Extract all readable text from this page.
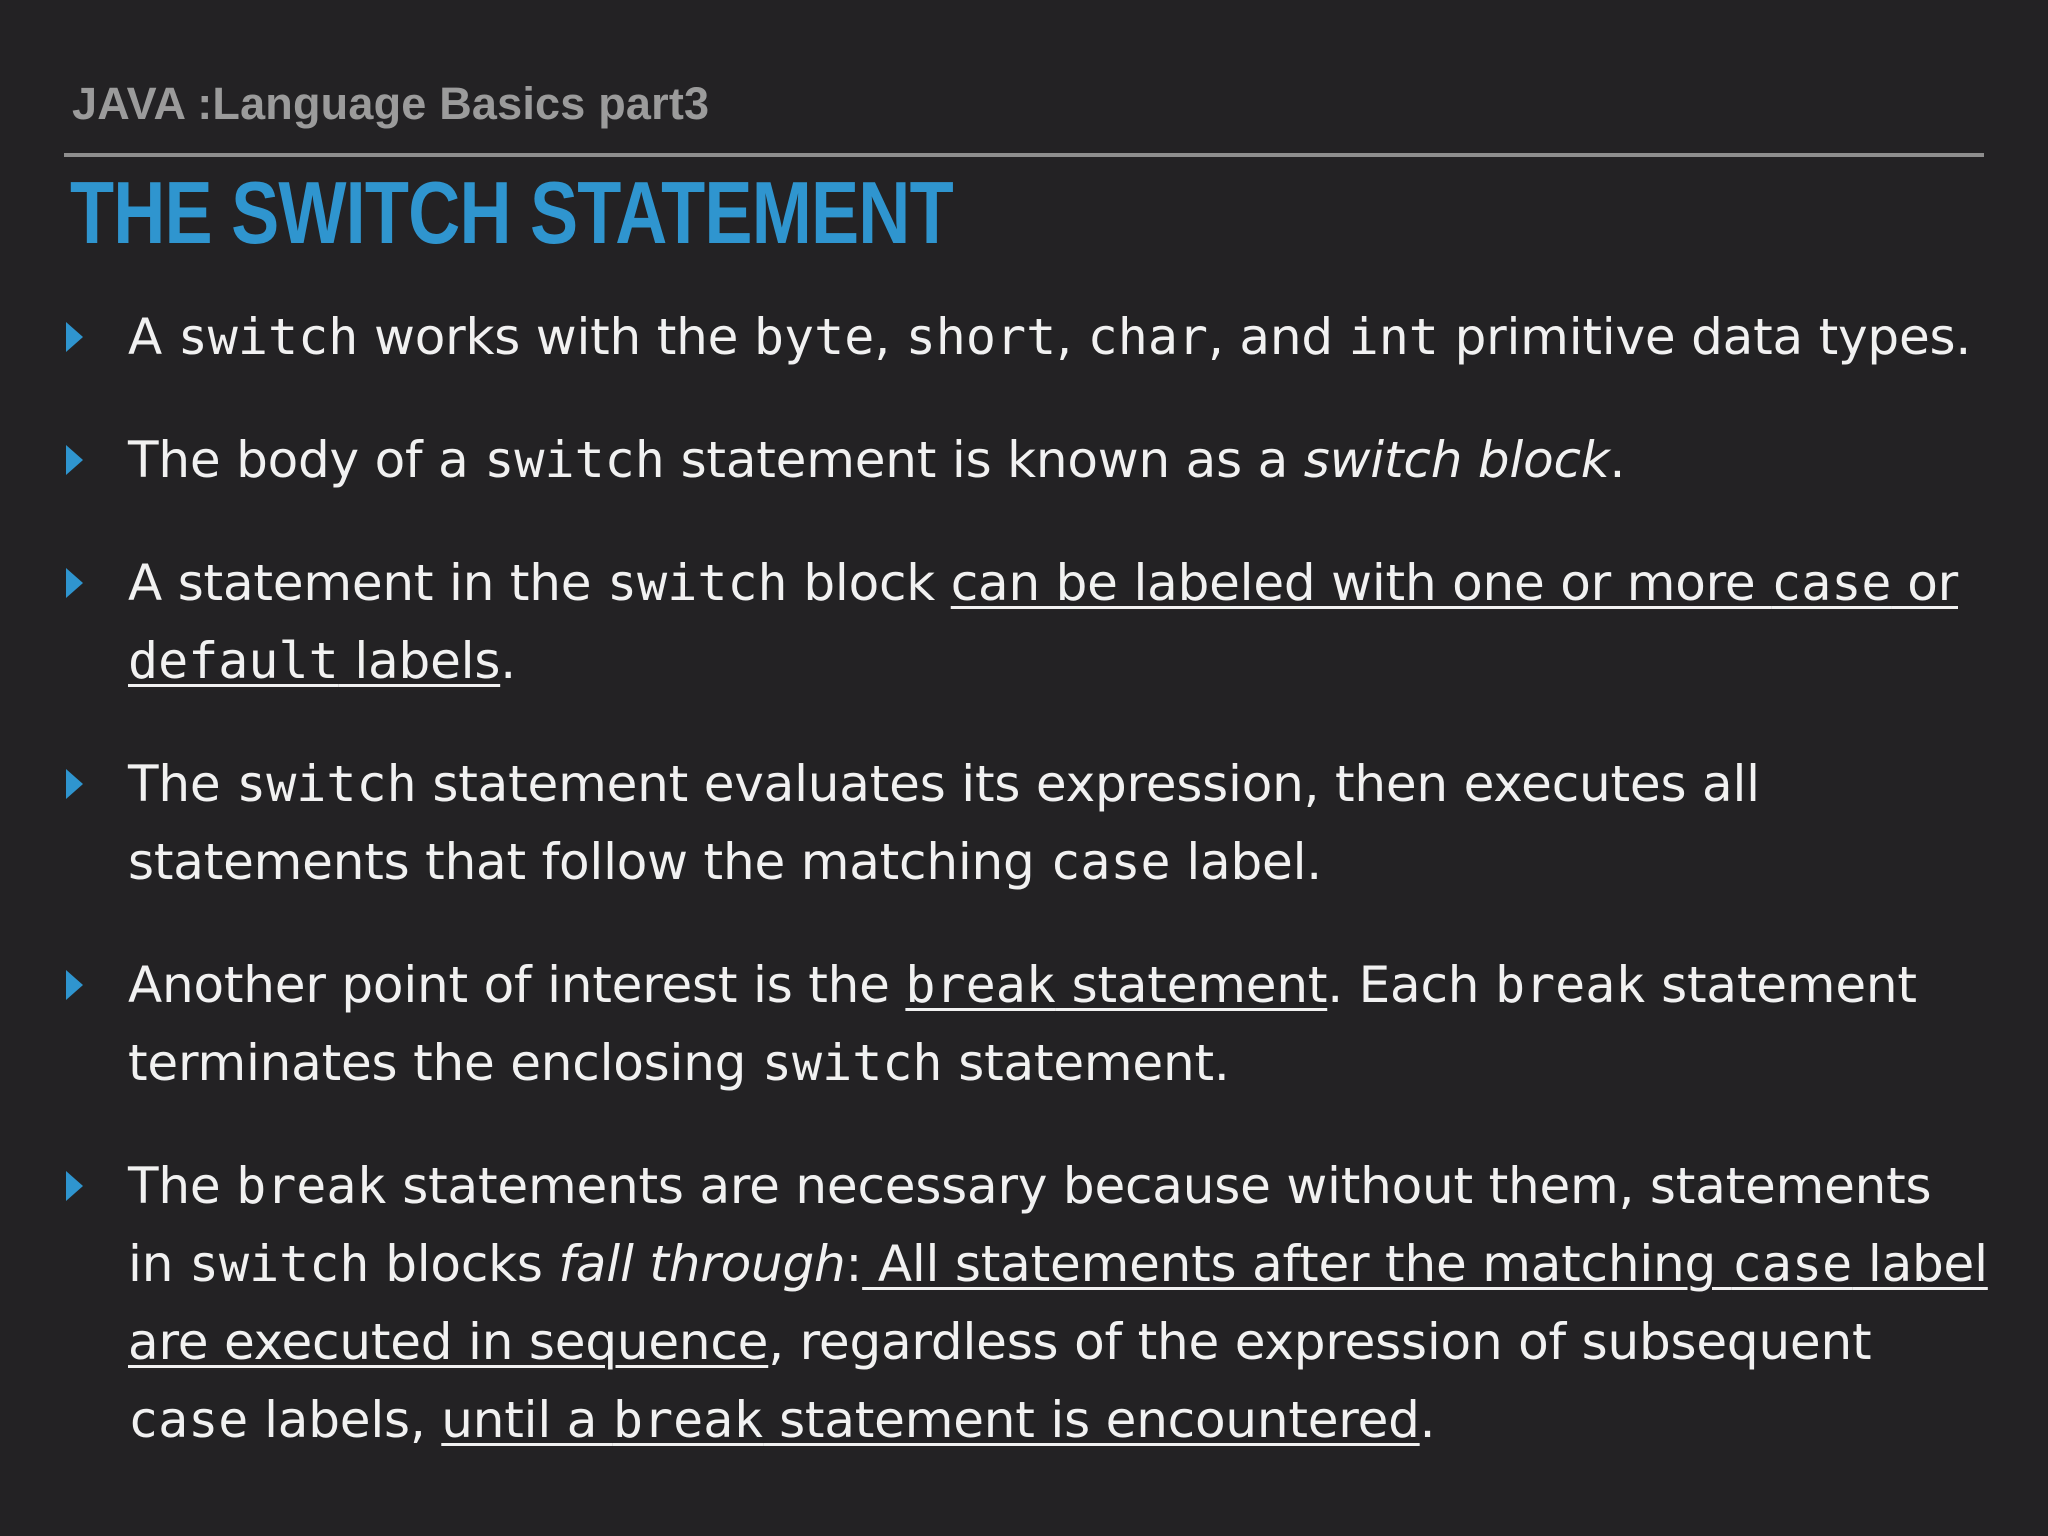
JAVA :Language Basics part3
THE SWITCH STATEMENT
A switch works with the byte, short, char, and int primitive data types.
The body of a switch statement is known as a switch block.
A statement in the switch block can be labeled with one or more case or default labels.
The switch statement evaluates its expression, then executes all statements that follow the matching case label.
Another point of interest is the break statement. Each break statement terminates the enclosing switch statement.
The break statements are necessary because without them, statements in switch blocks fall through: All statements after the matching case label are executed in sequence, regardless of the expression of subsequent case labels, until a break statement is encountered.
